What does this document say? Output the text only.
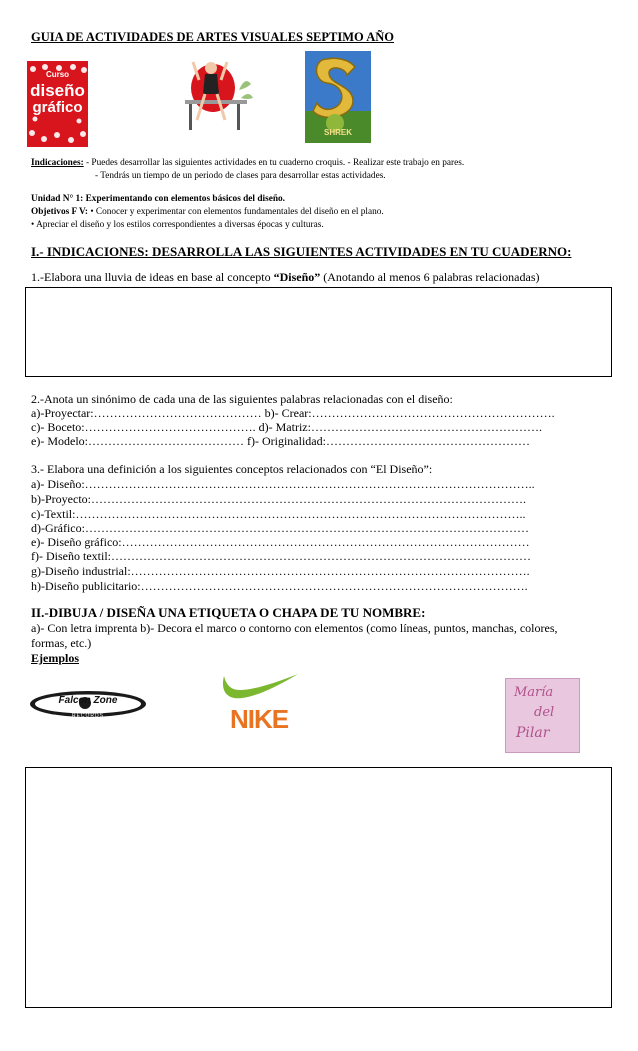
GUIA DE ACTIVIDADES DE ARTES VISUALES SEPTIMO AÑO
Curso
diseño
gráfico
SHREK
Indicaciones: - Puedes desarrollar las siguientes actividades en tu cuaderno croquis. - Realizar este trabajo en pares.
- Tendrás un tiempo de un periodo de clases para desarrollar estas actividades.
Unidad N° 1: Experimentando con elementos básicos del diseño.
Objetivos F V: • Conocer y experimentar con elementos fundamentales del diseño en el plano.
• Apreciar el diseño y los estilos correspondientes a diversas épocas y culturas.
I.- INDICACIONES: DESARROLLA LAS SIGUIENTES ACTIVIDADES EN TU CUADERNO:
1.-Elabora una lluvia de ideas en base al concepto “Diseño” (Anotando al menos 6 palabras relacionadas)
2.-Anota un sinónimo de cada una de las siguientes palabras relacionadas con el diseño:
a)-Proyectar:…………………………………… b)- Crear:…………………………………………………….
c)- Boceto:……………………………………. d)- Matriz:………………………………………………….
e)- Modelo:………………………………… f)- Originalidad:……………………………………………
3.- Elabora una definición a los siguientes conceptos relacionados con “El Diseño”:
a)- Diseño:…………………………………………………………………………………………………..
b)-Proyecto:……………………………………………………………………………………………….
c)-Textil:…………………………………………………………………………………………………..
d)-Gráfico:…………………………………………………………………………………………………
e)- Diseño gráfico:…………………………………………………………………………………………
f)- Diseño textil:……………………………………………………………………………………………
g)-Diseño industrial:……………………………………………………………………………………….
h)-Diseño publicitario:…………………………………………………………………………………….
II.-DIBUJA / DISEÑA UNA ETIQUETA O CHAPA DE TU NOMBRE:
a)- Con letra imprenta b)- Decora el marco o contorno con elementos (como líneas, puntos, manchas, colores,
formas, etc.)
Ejemplos
Falcon Zone
RECORDS	NIKE
María
del
Pilar
